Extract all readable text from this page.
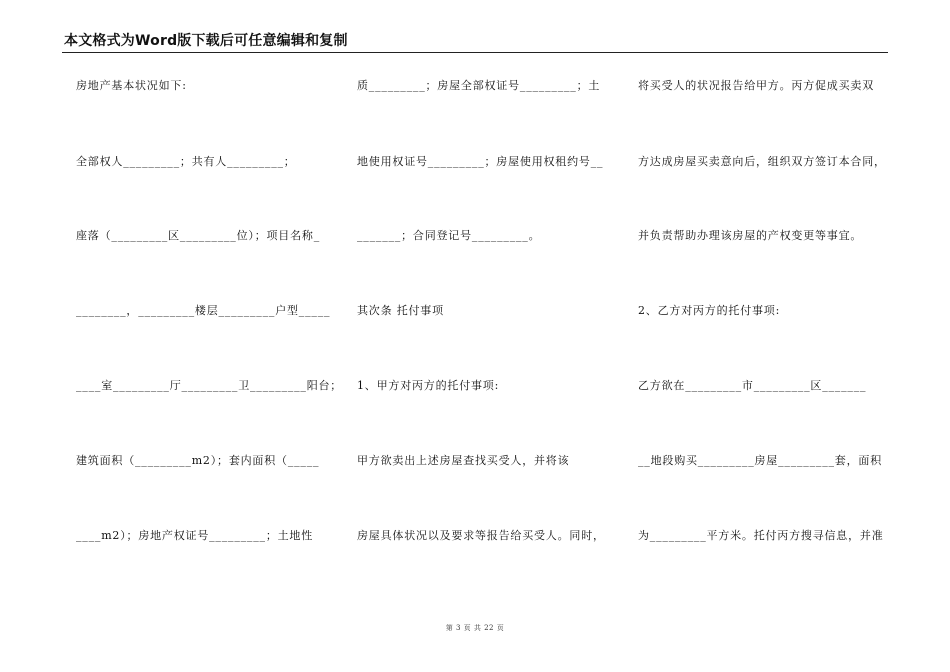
本文格式为Word版下载后可任意编辑和复制
房地产基本状况如下:
全部权人_________；共有人_________；
座落（_________区_________位）；项目名称_
________，_________楼层_________户型_____
____室_________厅_________卫_________阳台；
建筑面积（_________m2）；套内面积（_____
____m2）；房地产权证号_________；土地性
质_________；房屋全部权证号_________；土
地使用权证号_________；房屋使用权租约号__
_______；合同登记号_________。
其次条 托付事项
1、甲方对丙方的托付事项:
甲方欲卖出上述房屋查找买受人，并将该
房屋具体状况以及要求等报告给买受人。同时，
将买受人的状况报告给甲方。丙方促成买卖双
方达成房屋买卖意向后，组织双方签订本合同，
并负责帮助办理该房屋的产权变更等事宜。
2、乙方对丙方的托付事项:
乙方欲在_________市_________区_______
__地段购买_________房屋_________套，面积
为_________平方米。托付丙方搜寻信息，并准
第 3 页 共 22 页
